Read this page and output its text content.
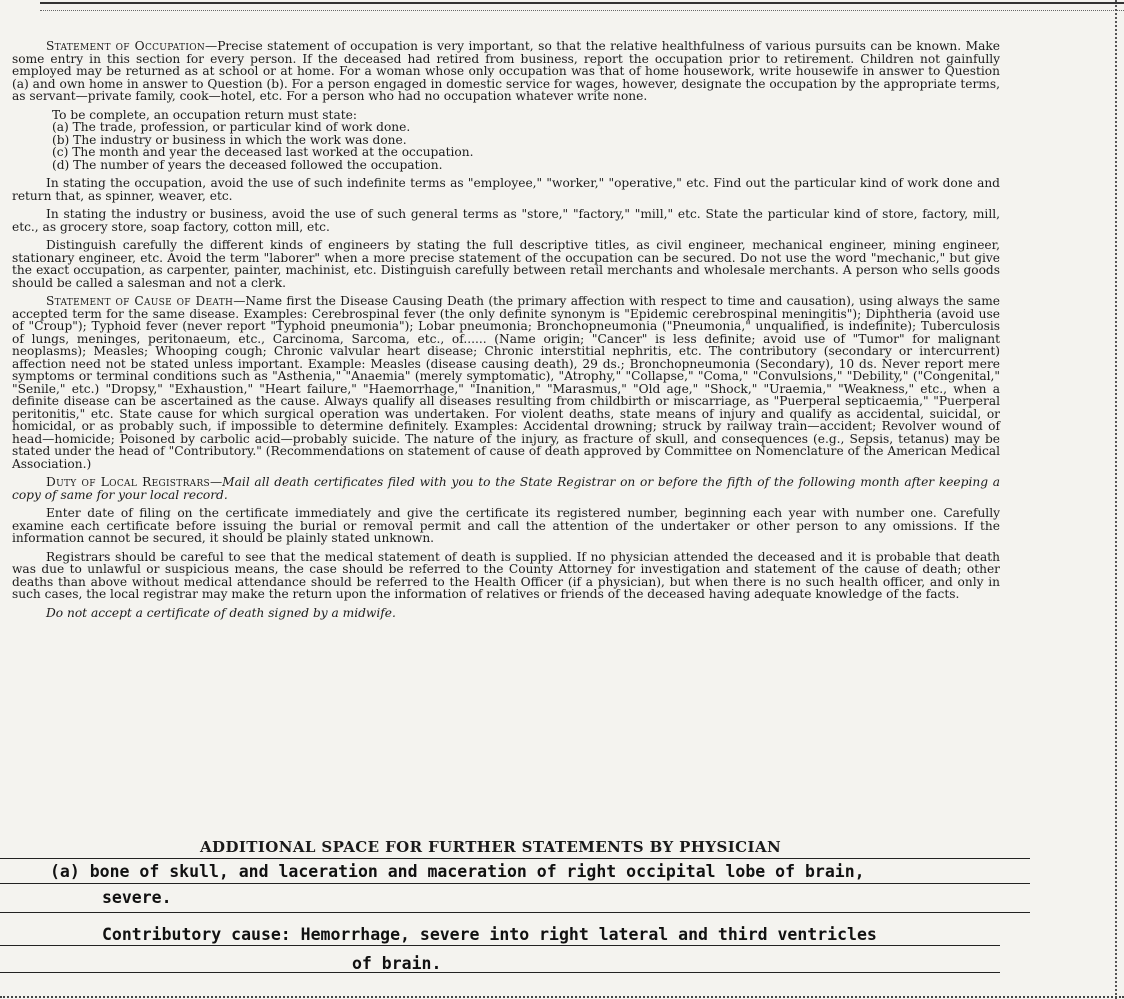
Statement of Occupation—Precise statement of occupation is very important, so that the relative healthfulness of various pursuits can be known. Make some entry in this section for every person. If the deceased had retired from business, report the occupation prior to retirement. Children not gainfully employed may be returned as at school or at home. For a woman whose only occupation was that of home housework, write housewife in answer to Question (a) and own home in answer to Question (b). For a person engaged in domestic service for wages, however, designate the occupation by the appropriate terms, as servant—private family, cook—hotel, etc. For a person who had no occupation whatever write none.

To be complete, an occupation return must state:
(a) The trade, profession, or particular kind of work done.
(b) The industry or business in which the work was done.
(c) The month and year the deceased last worked at the occupation.
(d) The number of years the deceased followed the occupation.

In stating the occupation, avoid the use of such indefinite terms as "employee," "worker," "operative," etc. Find out the particular kind of work done and return that, as spinner, weaver, etc.

In stating the industry or business, avoid the use of such general terms as "store," "factory," "mill," etc. State the particular kind of store, factory, mill, etc., as grocery store, soap factory, cotton mill, etc.

Distinguish carefully the different kinds of engineers by stating the full descriptive titles, as civil engineer, mechanical engineer, mining engineer, stationary engineer, etc. Avoid the term "laborer" when a more precise statement of the occupation can be secured. Do not use the word "mechanic," but give the exact occupation, as carpenter, painter, machinist, etc. Distinguish carefully between retail merchants and wholesale merchants. A person who sells goods should be called a salesman and not a clerk.

Statement of Cause of Death—Name first the Disease Causing Death (the primary affection with respect to time and causation), using always the same accepted term for the same disease. Examples: Cerebrospinal fever (the only definite synonym is "Epidemic cerebrospinal meningitis"); Diphtheria (avoid use of "Croup"); Typhoid fever (never report "Typhoid pneumonia"); Lobar pneumonia; Bronchopneumonia ("Pneumonia," unqualified, is indefinite); Tuberculosis of lungs, meninges, peritonaeum, etc., Carcinoma, Sarcoma, etc., of...... (Name origin; "Cancer" is less definite; avoid use of "Tumor" for malignant neoplasms); Measles; Whooping cough; Chronic valvular heart disease; Chronic interstitial nephritis, etc. The contributory (secondary or intercurrent) affection need not be stated unless important. Example: Measles (disease causing death), 29 ds.; Bronchopneumonia (Secondary), 10 ds. Never report mere symptoms or terminal conditions such as "Asthenia," "Anaemia" (merely symptomatic), "Atrophy," "Collapse," "Coma," "Convulsions," "Debility," ("Congenital," "Senile," etc.) "Dropsy," "Exhaustion," "Heart failure," "Haemorrhage," "Inanition," "Marasmus," "Old age," "Shock," "Uraemia," "Weakness," etc., when a definite disease can be ascertained as the cause. Always qualify all diseases resulting from childbirth or miscarriage, as "Puerperal septicaemia," "Puerperal peritonitis," etc. State cause for which surgical operation was undertaken. For violent deaths, state means of injury and qualify as accidental, suicidal, or homicidal, or as probably such, if impossible to determine definitely. Examples: Accidental drowning; struck by railway train—accident; Revolver wound of head—homicide; Poisoned by carbolic acid—probably suicide. The nature of the injury, as fracture of skull, and consequences (e.g., Sepsis, tetanus) may be stated under the head of "Contributory." (Recommendations on statement of cause of death approved by Committee on Nomenclature of the American Medical Association.)

Duty of Local Registrars—Mail all death certificates filed with you to the State Registrar on or before the fifth of the following month after keeping a copy of same for your local record.

Enter date of filing on the certificate immediately and give the certificate its registered number, beginning each year with number one. Carefully examine each certificate before issuing the burial or removal permit and call the attention of the undertaker or other person to any omissions. If the information cannot be secured, it should be plainly stated unknown.

Registrars should be careful to see that the medical statement of death is supplied. If no physician attended the deceased and it is probable that death was due to unlawful or suspicious means, the case should be referred to the County Attorney for investigation and statement of the cause of death; other deaths than above without medical attendance should be referred to the Health Officer (if a physician), but when there is no such health officer, and only in such cases, the local registrar may make the return upon the information of relatives or friends of the deceased having adequate knowledge of the facts.

Do not accept a certificate of death signed by a midwife.

ADDITIONAL SPACE FOR FURTHER STATEMENTS BY PHYSICIAN
(a) bone of skull, and laceration and maceration of right occipital lobe of brain,
severe.
Contributory cause: Hemorrhage, severe into right lateral and third ventricles
of brain.
